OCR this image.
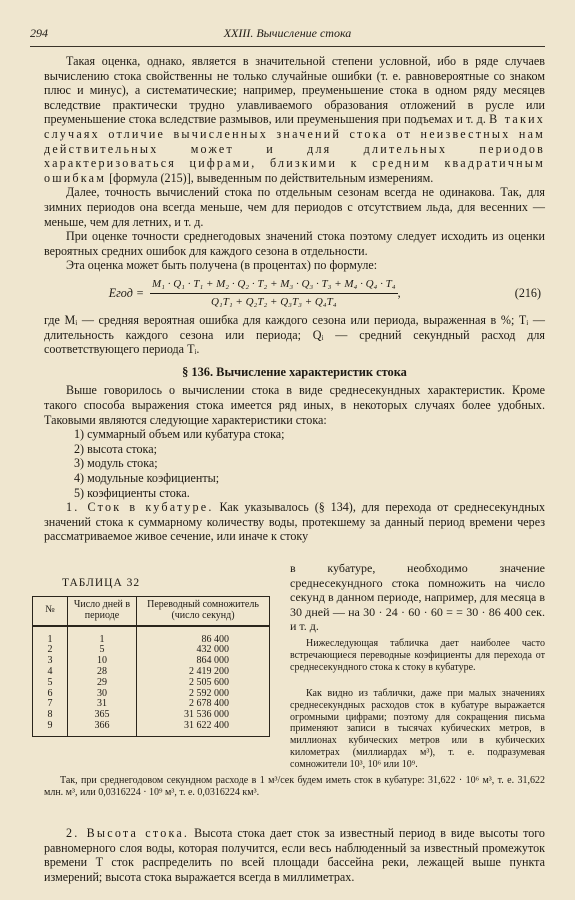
294	XXIII. Вычисление стока

Такая оценка, однако, является в значительной степени условной, ибо в ряде случаев вычислению стока свойственны не только случайные ошибки (т. е. равновероятные со знаком плюс и минус), а систематические; например, преуменьшение стока в одном ряду месяцев вследствие практически трудно улавливаемого образования отложений в русле или преуменьшение стока вследствие размывов, или преуменьшения при подъемах и т. д. В таких случаях отличие вычисленных значений стока от неизвестных нам действительных может и для длительных периодов характеризоваться цифрами, близкими к средним квадратичным ошибкам [формула (215)], выведенным по действительным измерениям.

Далее, точность вычислений стока по отдельным сезонам всегда не одинакова. Так, для зимних периодов она всегда меньше, чем для периодов с отсутствием льда, для весенних — меньше, чем для летних, и т. д.

При оценке точности среднегодовых значений стока поэтому следует исходить из оценки вероятных средних ошибок для каждого сезона в отдельности.

Эта оценка может быть получена (в процентах) по формуле:

Eгод = $\frac{\text{M₁ · Q₁ · T₁ + M₂ · Q₂ · T₂ + M₃ · Q₃ · T₃ + M₄ · Q₄ · T₄}}{\text{Q₁T₁ + Q₂T₂ + Q₃T₃ + Q₄T₄}}$ ,	(216)

где Mᵢ — средняя вероятная ошибка для каждого сезона или периода, выраженная в %; Tᵢ — длительность каждого сезона или периода; Qᵢ — средний секундный расход для соответствующего периода Tᵢ.

§ 136. Вычисление характеристик стока

Выше говорилось о вычислении стока в виде среднесекундных характеристик. Кроме такого способа выражения стока имеется ряд иных, в некоторых случаях более удобных. Таковыми являются следующие характеристики стока:

1) суммарный объем или кубатура стока;
2) высота стока;
3) модуль стока;
4) модульные коэфициенты;
5) коэфициенты стока.

1. Сток в кубатуре. Как указывалось (§ 134), для перехода от среднесекундных значений стока к суммарному количеству воды, протекшему за данный период времени через рассматриваемое живое сечение, или иначе к стоку

в кубатуре, необходимо значение среднесекундного стока помножить на число секунд в данном периоде, например, для месяца в 30 дней — на 30 · 24 · 60 · 60 = = 30 · 86 400 сек. и т. д.
ТАБЛИЦА 32
№	Число дней в периоде	Переводный сомножитель (число секунд)
1	1	86 400
2	5	432 000
3	10	864 000
4	28	2 419 200
5	29	2 505 600
6	30	2 592 000
7	31	2 678 400
8	365	31 536 000
9	366	31 622 400

Нижеследующая табличка дает наиболее часто встречающиеся переводные коэфициенты для перехода от среднесекундного стока к стоку в кубатуре.

Как видно из таблички, даже при малых значениях среднесекундных расходов сток в кубатуре выражается огромными цифрами; поэтому для сокращения письма применяют записи в тысячах кубических метров, в миллионах кубических метров или в кубических километрах (миллиардах м³), т. е. подразумевая сомножители 10³, 10⁶ или 10⁹.

Так, при среднегодовом секундном расходе в 1 м³/сек будем иметь сток в кубатуре: 31,622 · 10⁶ м³, т. е. 31,622 млн. м³, или 0,0316224 · 10⁹ м³, т. е. 0,0316224 км³.

2. Высота стока. Высота стока дает сток за известный период в виде высоты того равномерного слоя воды, которая получится, если весь наблюденный за известный промежуток времени T сток распределить по всей площади бассейна реки, лежащей выше пункта измерений; высота стока выражается всегда в миллиметрах.
